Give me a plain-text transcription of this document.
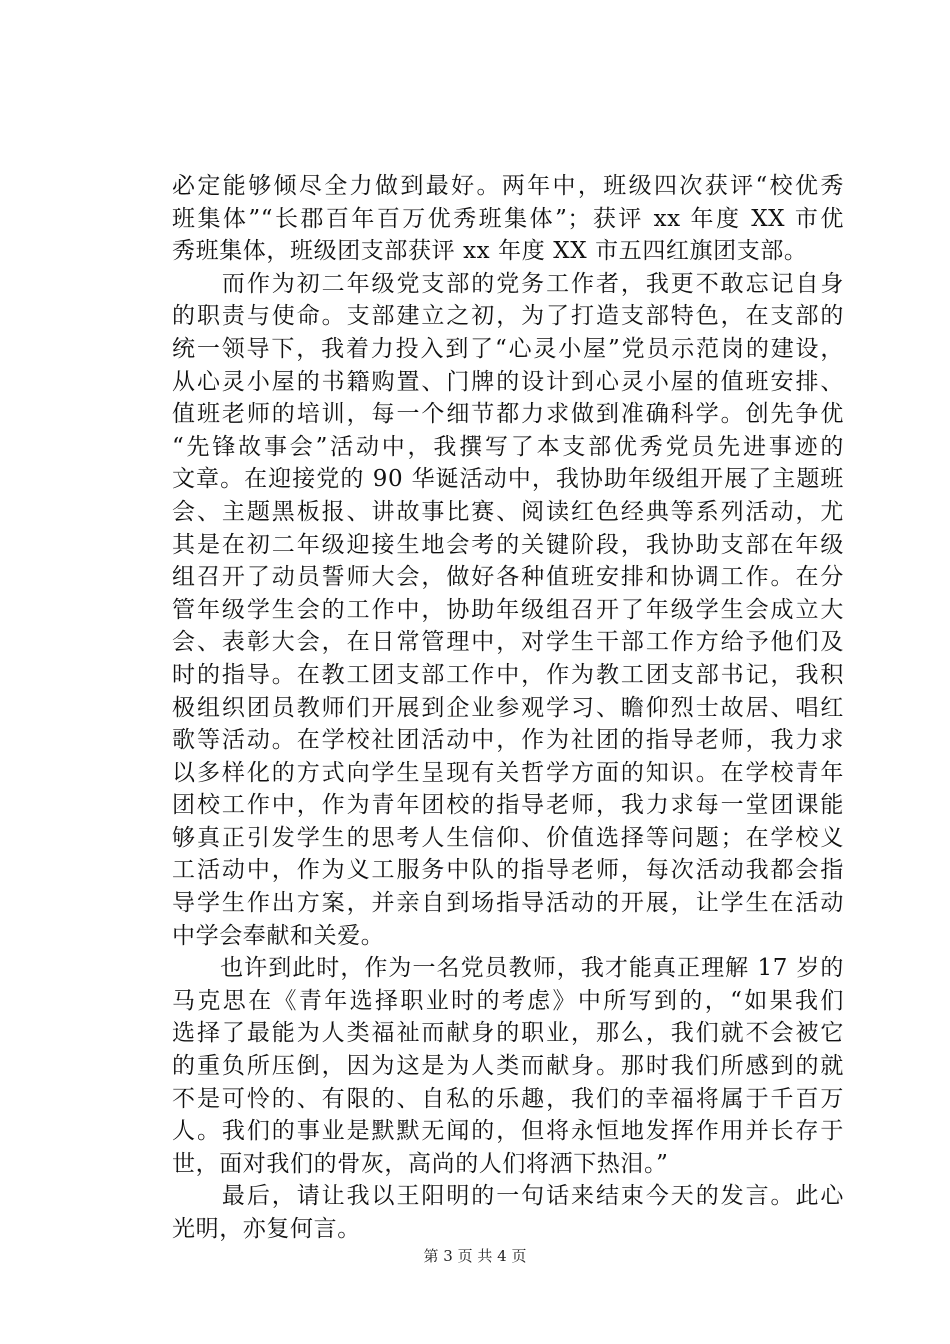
必定能够倾尽全力做到最好。两年中，班级四次获评“校优秀
班集体”“长郡百年百万优秀班集体”；获评 xx 年度 XX 市优
秀班集体，班级团支部获评 xx 年度 XX 市五四红旗团支部。
　　而作为初二年级党支部的党务工作者，我更不敢忘记自身
的职责与使命。支部建立之初，为了打造支部特色，在支部的
统一领导下，我着力投入到了“心灵小屋”党员示范岗的建设，
从心灵小屋的书籍购置、门牌的设计到心灵小屋的值班安排、
值班老师的培训，每一个细节都力求做到准确科学。创先争优
“先锋故事会”活动中，我撰写了本支部优秀党员先进事迹的
文章。在迎接党的 90 华诞活动中，我协助年级组开展了主题班
会、主题黑板报、讲故事比赛、阅读红色经典等系列活动，尤
其是在初二年级迎接生地会考的关键阶段，我协助支部在年级
组召开了动员誓师大会，做好各种值班安排和协调工作。在分
管年级学生会的工作中，协助年级组召开了年级学生会成立大
会、表彰大会，在日常管理中，对学生干部工作方给予他们及
时的指导。在教工团支部工作中，作为教工团支部书记，我积
极组织团员教师们开展到企业参观学习、瞻仰烈士故居、唱红
歌等活动。在学校社团活动中，作为社团的指导老师，我力求
以多样化的方式向学生呈现有关哲学方面的知识。在学校青年
团校工作中，作为青年团校的指导老师，我力求每一堂团课能
够真正引发学生的思考人生信仰、价值选择等问题；在学校义
工活动中，作为义工服务中队的指导老师，每次活动我都会指
导学生作出方案，并亲自到场指导活动的开展，让学生在活动
中学会奉献和关爱。
　　也许到此时，作为一名党员教师，我才能真正理解 17 岁的
马克思在《青年选择职业时的考虑》中所写到的，“如果我们
选择了最能为人类福祉而献身的职业，那么，我们就不会被它
的重负所压倒，因为这是为人类而献身。那时我们所感到的就
不是可怜的、有限的、自私的乐趣，我们的幸福将属于千百万
人。我们的事业是默默无闻的，但将永恒地发挥作用并长存于
世，面对我们的骨灰，高尚的人们将洒下热泪。”
　　最后，请让我以王阳明的一句话来结束今天的发言。此心
光明，亦复何言。
第 3 页 共 4 页
